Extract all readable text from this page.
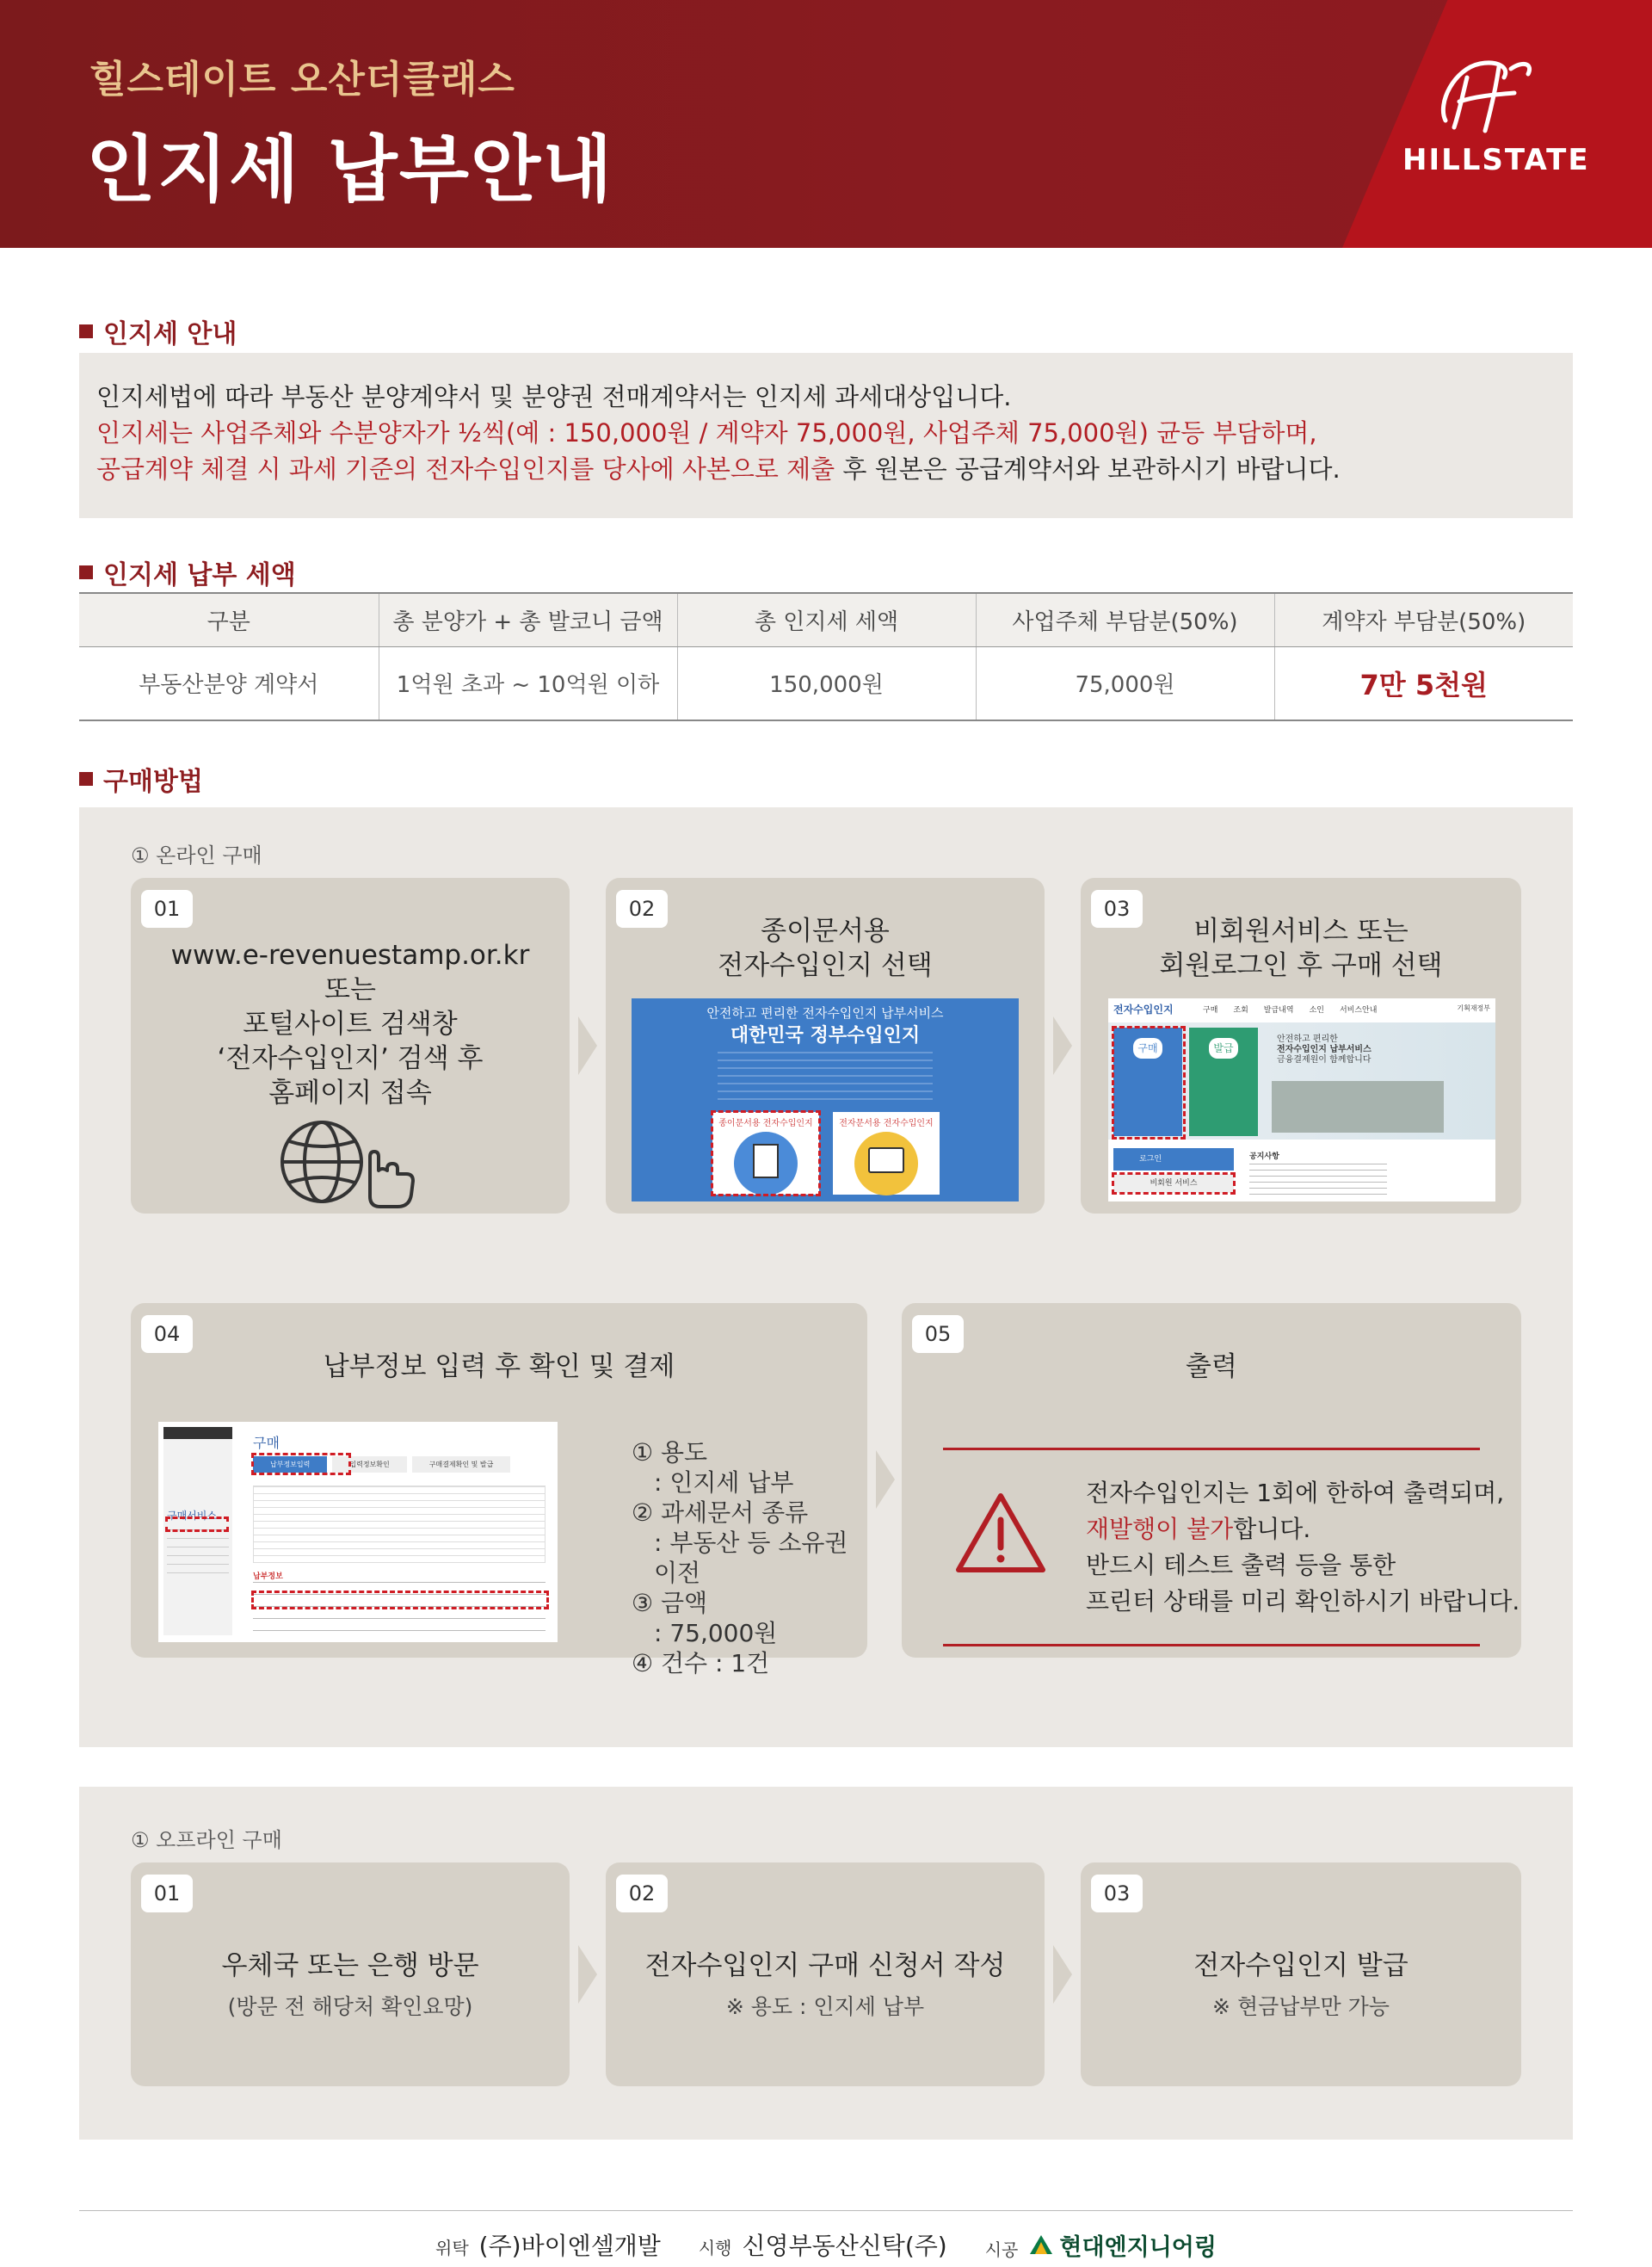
힐스테이트 오산더클래스
인지세 납부안내	HILLSTATE
인지세 안내
인지세법에 따라 부동산 분양계약서 및 분양권 전매계약서는 인지세 과세대상입니다.
인지세는 사업주체와 수분양자가 ½씩(예 : 150,000원 / 계약자 75,000원, 사업주체 75,000원) 균등 부담하며,
공급계약 체결 시 과세 기준의 전자수입인지를 당사에 사본으로 제출 후 원본은 공급계약서와 보관하시기 바랍니다.
인지세 납부 세액
구분	총 분양가 + 총 발코니 금액	총 인지세 세액	사업주체 부담분(50%)	계약자 부담분(50%)
부동산분양 계약서	1억원 초과 ~ 10억원 이하	150,000원	75,000원	7만 5천원
구매방법
① 온라인 구매
01
www.e-revenuestamp.or.kr
또는
포털사이트 검색창
‘전자수입인지’ 검색 후
홈페이지 접속
02
종이문서용
전자수입인지 선택
안전하고 편리한 전자수입인지 납부서비스
대한민국 정부수입인지
종이문서용 전자수입인지	전자문서용 전자수입인지
03
비회원서비스 또는
회원로그인 후 구매 선택
전자수입인지	구매 조회 발급내역 소인 서비스안내	기획재정부
구매	발급
안전하고 편리한
전자수입인지 납부서비스
금융결제원이 함께합니다
로그인
비회원 서비스
공지사항
04
납부정보 입력 후 확인 및 결제
구매서비스
구매
납부정보입력	입력정보확인	구매결제확인 및 발급
납부정보
① 용도
: 인지세 납부
② 과세문서 종류
: 부동산 등 소유권 이전
③ 금액
: 75,000원
④ 건수 : 1건
05
출력
전자수입인지는 1회에 한하여 출력되며,
재발행이 불가합니다.
반드시 테스트 출력 등을 통한
프린터 상태를 미리 확인하시기 바랍니다.
① 오프라인 구매
01
우체국 또는 은행 방문
(방문 전 해당처 확인요망)
02
전자수입인지 구매 신청서 작성
※ 용도 : 인지세 납부
03
전자수입인지 발급
※ 현금납부만 가능
위탁 (주)바이엔셀개발 시행 신영부동산신탁(주) 시공 현대엔지니어링
